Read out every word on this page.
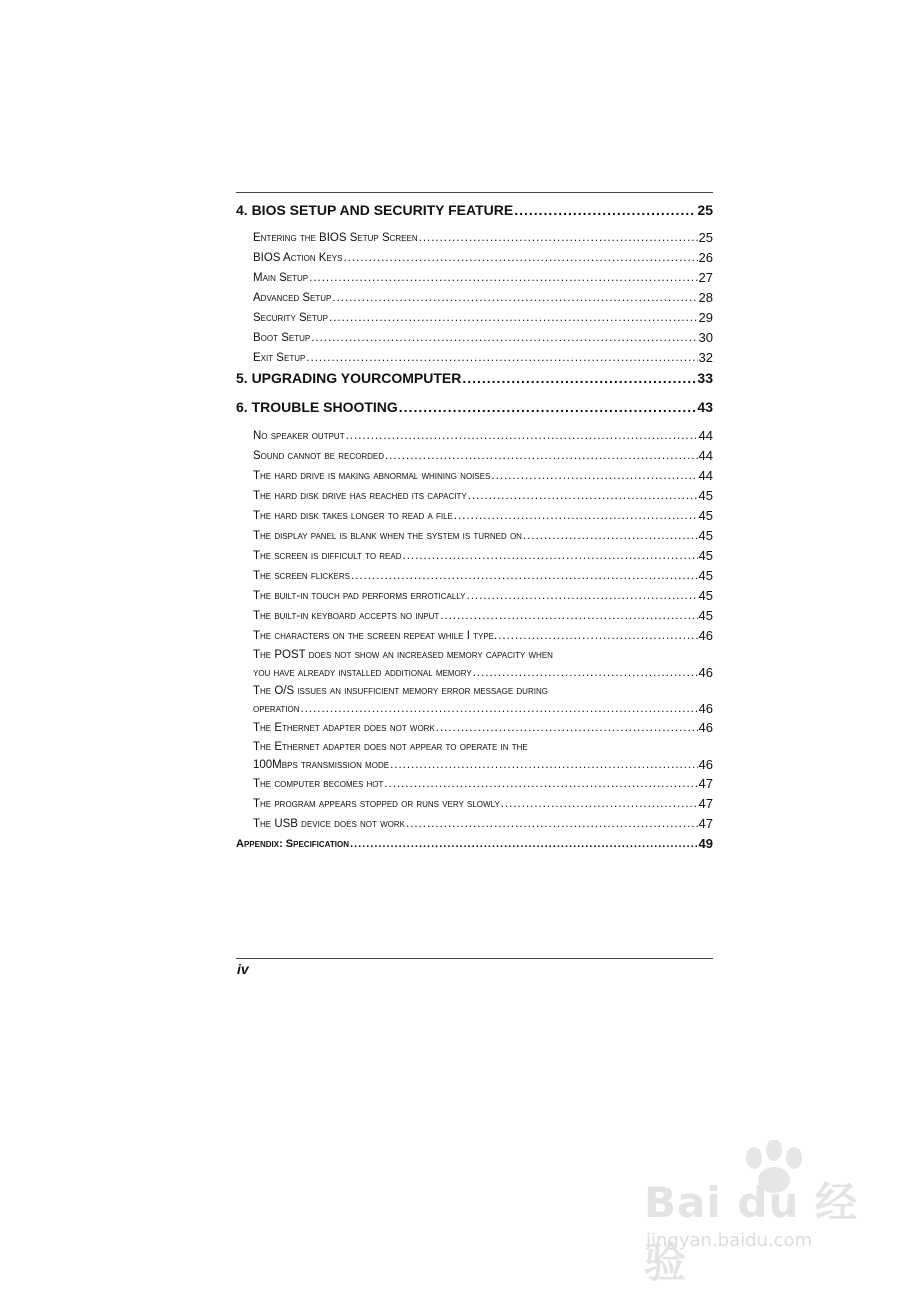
4. BIOS SETUP AND SECURITY FEATURE .....	25
Entering the BIOS Setup Screen .....	25
BIOS Action Keys .....	26
Main Setup .....	27
Advanced Setup .....	28
Security Setup .....	29
Boot Setup .....	30
Exit Setup .....	32
5. UPGRADING YOURCOMPUTER .....	33
6. TROUBLE SHOOTING .....	43
No speaker output .....	44
Sound cannot be recorded .....	44
The hard drive is making abnormal whining noises .....	44
The hard disk drive has reached its capacity .....	45
The hard disk takes longer to read a file .....	45
The display panel is blank when the system is turned on .....	45
The screen is difficult to read .....	45
The screen flickers .....	45
The built-in touch pad performs errotically .....	45
The built-in keyboard accepts no input .....	45
The characters on the screen repeat while I type. .....	46
The POST does not show an increased memory capacity when
you have already installed additional memory .....	46
The O/S issues an insufficient memory error message during
operation .....	46
The Ethernet adapter does not work .....	46
The Ethernet adapter does not appear to operate in the
100Mbps transmission mode .....	46
The computer becomes hot .....	47
The program appears stopped or runs very slowly .....	47
The USB device does not work .....	47
Appendix: Specification .....	49
iv
Bai du 经验
jingyan.baidu.com
